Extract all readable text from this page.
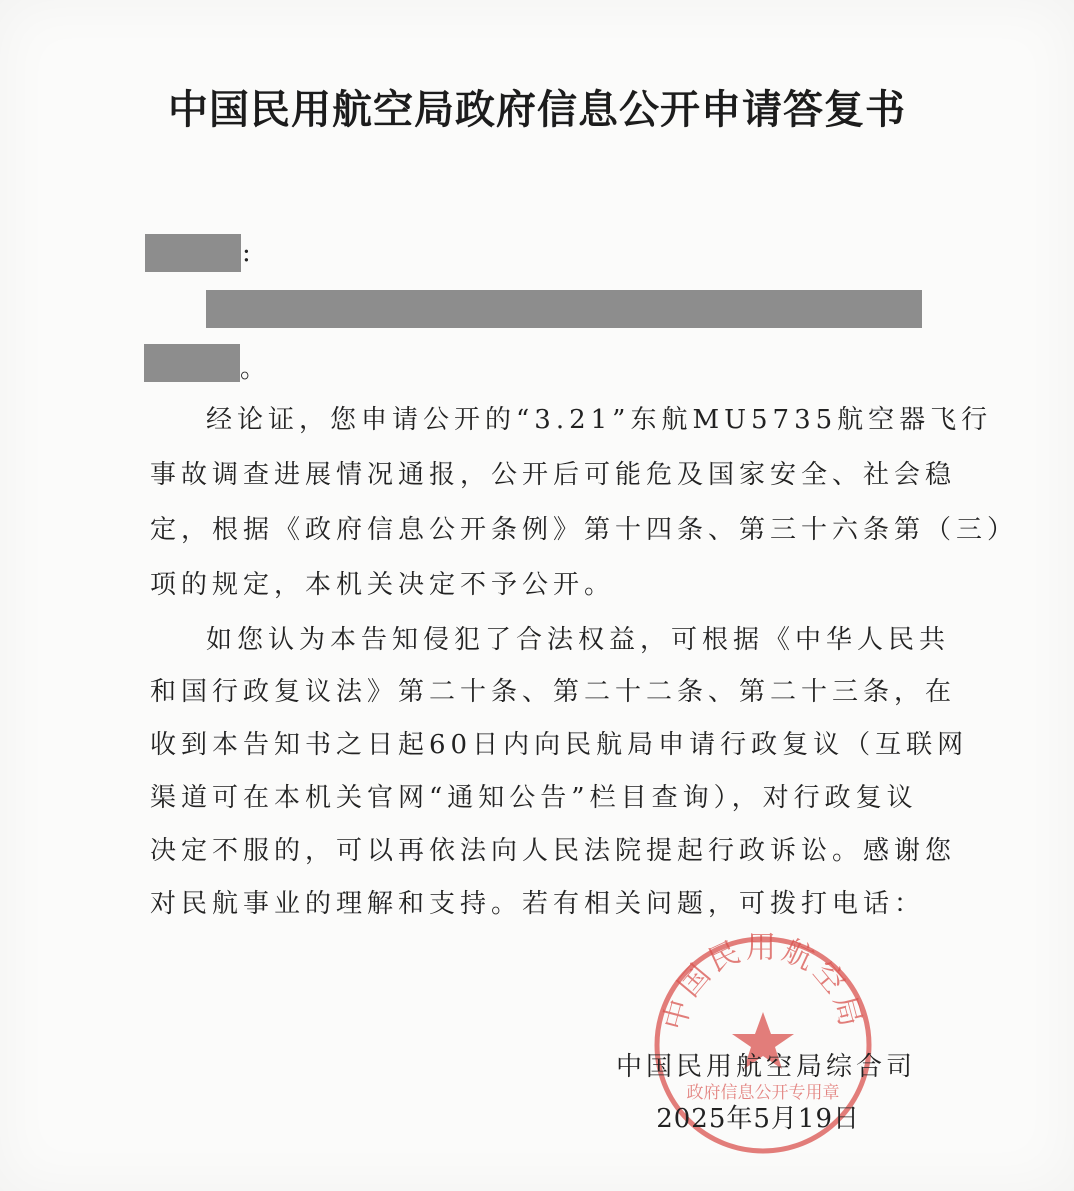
中国民用航空局政府信息公开申请答复书
:
。
经论证，您申请公开的“3.21”东航MU5735航空器飞行
事故调查进展情况通报，公开后可能危及国家安全、社会稳
定，根据《政府信息公开条例》第十四条、第三十六条第（三）
项的规定，本机关决定不予公开。
如您认为本告知侵犯了合法权益，可根据《中华人民共
和国行政复议法》第二十条、第二十二条、第二十三条，在
收到本告知书之日起60日内向民航局申请行政复议（互联网
渠道可在本机关官网“通知公告”栏目查询），对行政复议
决定不服的，可以再依法向人民法院提起行政诉讼。感谢您
对民航事业的理解和支持。若有相关问题，可拨打电话：
中国民用航空局
政府信息公开专用章
中国民用航空局综合司
2025年5月19日
